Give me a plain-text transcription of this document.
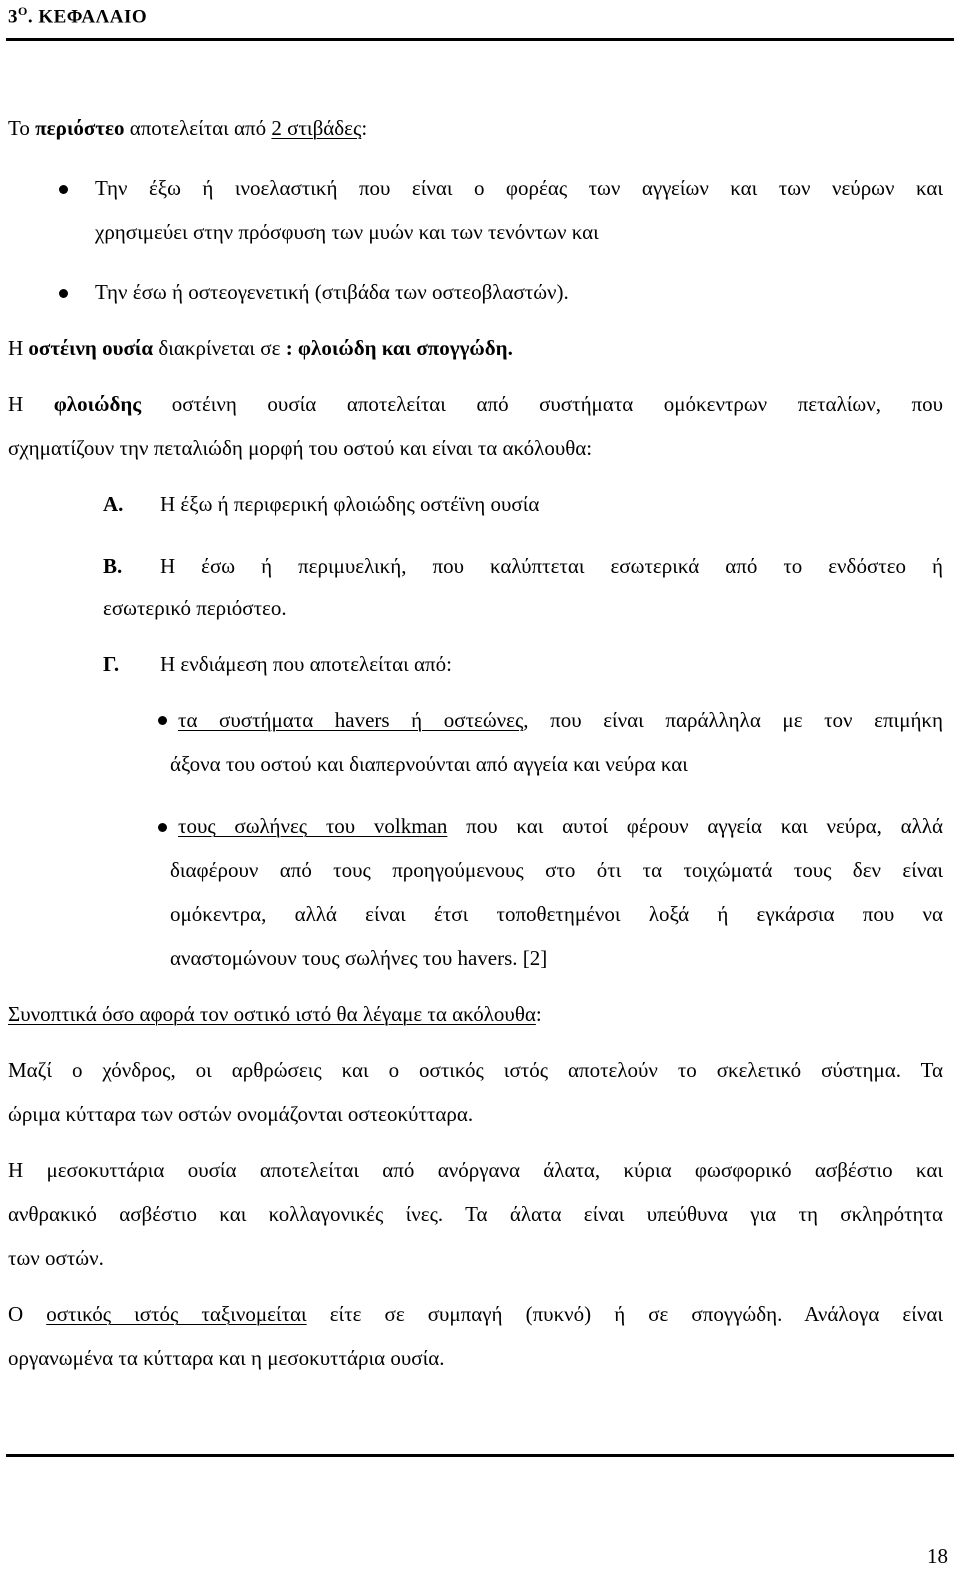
$3^O$. ΚΕΦΑΛΑΙΟ
Το περιόστεο αποτελείται από 2 στιβάδες:
Την έξω ή ινοελαστική που είναι ο φορέας των αγγείων και των νεύρων και
χρησιμεύει στην πρόσφυση των μυών και των τενόντων και
Την έσω ή οστεογενετική (στιβάδα των οστεοβλαστών).
Η οστέινη ουσία διακρίνεται σε : φλοιώδη και σπογγώδη.
Η φλοιώδης οστέινη ουσία αποτελείται από συστήματα ομόκεντρων πεταλίων, που
σχηματίζουν την πεταλιώδη μορφή του οστού και είναι τα ακόλουθα:
Α. Η έξω ή περιφερική φλοιώδης οστέϊνη ουσία
Β. Η έσω ή περιμυελική, που καλύπτεται εσωτερικά από το ενδόστεο ή
εσωτερικό περιόστεο.
Γ. Η ενδιάμεση που αποτελείται από:
τα συστήματα havers ή οστεώνες, που είναι παράλληλα με τον επιμήκη
άξονα του οστού και διαπερνούνται από αγγεία και νεύρα και
τους σωλήνες του volkman που και αυτοί φέρουν αγγεία και νεύρα, αλλά
διαφέρουν από τους προηγούμενους στο ότι τα τοιχώματά τους δεν είναι
ομόκεντρα, αλλά είναι έτσι τοποθετημένοι λοξά ή εγκάρσια που να
αναστομώνουν τους σωλήνες του havers. [2]
Συνοπτικά όσο αφορά τον οστικό ιστό θα λέγαμε τα ακόλουθα:
Μαζί ο χόνδρος, οι αρθρώσεις και ο οστικός ιστός αποτελούν το σκελετικό σύστημα. Τα
ώριμα κύτταρα των οστών ονομάζονται οστεοκύτταρα.
Η μεσοκυττάρια ουσία αποτελείται από ανόργανα άλατα, κύρια φωσφορικό ασβέστιο και
ανθρακικό ασβέστιο και κολλαγονικές ίνες. Τα άλατα είναι υπεύθυνα για τη σκληρότητα
των οστών.
Ο οστικός ιστός ταξινομείται είτε σε συμπαγή (πυκνό) ή σε σπογγώδη. Ανάλογα είναι
οργανωμένα τα κύτταρα και η μεσοκυττάρια ουσία.
18
